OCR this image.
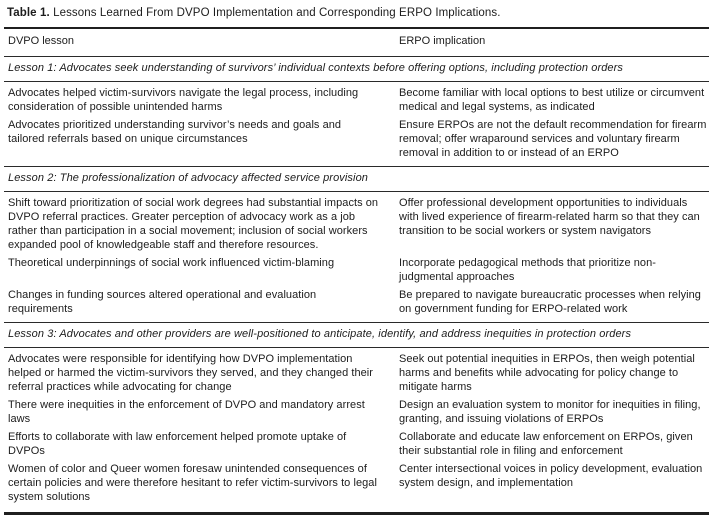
Table 1. Lessons Learned From DVPO Implementation and Corresponding ERPO Implications.
DVPO lesson	ERPO implication
Lesson 1: Advocates seek understanding of survivors’ individual contexts before offering options, including protection orders
Advocates helped victim-survivors navigate the legal process, including consideration of possible unintended harms
Become familiar with local options to best utilize or circumvent medical and legal systems, as indicated
Advocates prioritized understanding survivor’s needs and goals and tailored referrals based on unique circumstances
Ensure ERPOs are not the default recommendation for firearm removal; offer wraparound services and voluntary firearm removal in addition to or instead of an ERPO
Lesson 2: The professionalization of advocacy affected service provision
Shift toward prioritization of social work degrees had substantial impacts on DVPO referral practices. Greater perception of advocacy work as a job rather than participation in a social movement; inclusion of social workers expanded pool of knowledgeable staff and therefore resources.
Offer professional development opportunities to individuals with lived experience of firearm-related harm so that they can transition to be social workers or system navigators
Theoretical underpinnings of social work influenced victim-blaming	Incorporate pedagogical methods that prioritize non-judgmental approaches
Changes in funding sources altered operational and evaluation requirements
Be prepared to navigate bureaucratic processes when relying on government funding for ERPO-related work
Lesson 3: Advocates and other providers are well-positioned to anticipate, identify, and address inequities in protection orders
Advocates were responsible for identifying how DVPO implementation helped or harmed the victim-survivors they served, and they changed their referral practices while advocating for change
Seek out potential inequities in ERPOs, then weigh potential harms and benefits while advocating for policy change to mitigate harms
There were inequities in the enforcement of DVPO and mandatory arrest laws
Design an evaluation system to monitor for inequities in filing, granting, and issuing violations of ERPOs
Efforts to collaborate with law enforcement helped promote uptake of DVPOs
Collaborate and educate law enforcement on ERPOs, given their substantial role in filing and enforcement
Women of color and Queer women foresaw unintended consequences of certain policies and were therefore hesitant to refer victim-survivors to legal system solutions
Center intersectional voices in policy development, evaluation system design, and implementation
